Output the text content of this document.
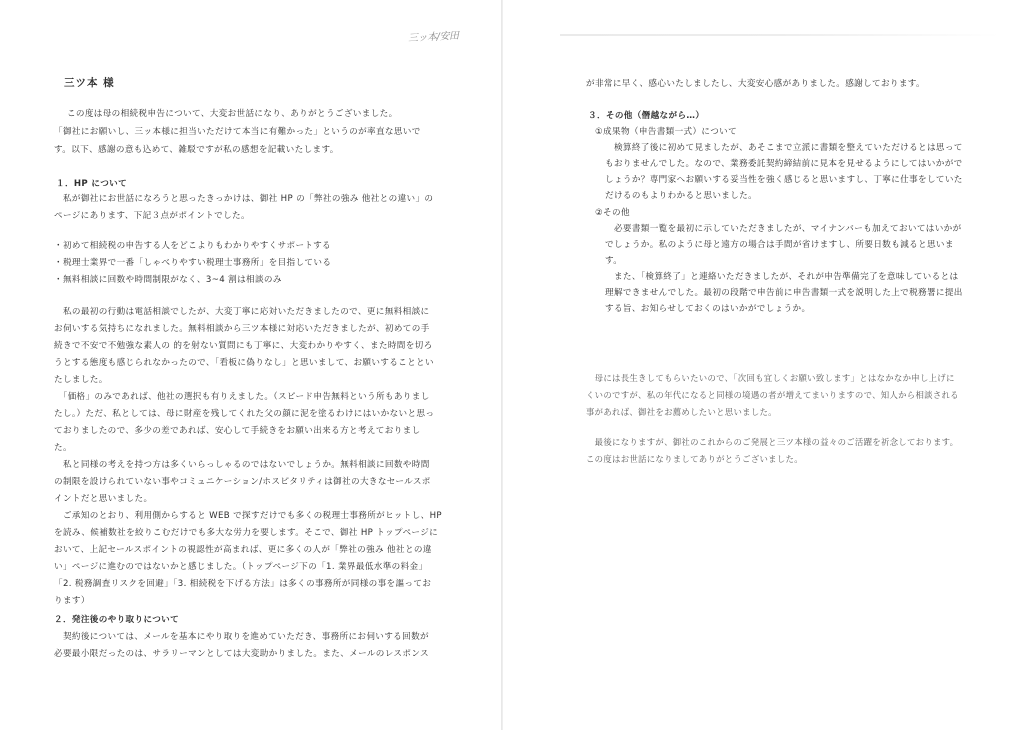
三ッ本/安田
三ツ本 様
　この度は母の相続税申告について、大変お世話になり、ありがとうございました。
「御社にお願いし、三ッ本様に担当いただけて本当に有難かった」というのが率直な思いで
す。以下、感謝の意も込めて、雑駁ですが私の感想を記載いたします。
１．HP について
　私が御社にお世話になろうと思ったきっかけは、御社 HP の「弊社の強み 他社との違い」の
ページにあります、下記３点がポイントでした。
・初めて相続税の申告する人をどこよりもわかりやすくサポートする
・税理士業界で一番「しゃべりやすい税理士事務所」を目指している
・無料相談に回数や時間制限がなく、3~4 割は相談のみ
　私の最初の行動は電話相談でしたが、大変丁寧に応対いただきましたので、更に無料相談に
お伺いする気持ちになれました。無料相談から三ツ本様に対応いただきましたが、初めての手
続きで不安で不勉強な素人の 的を射ない質問にも丁寧に、大変わかりやすく、また時間を切ろ
うとする態度も感じられなかったので、「看板に偽りなし」と思いまして、お願いすることとい
たしました。
　「価格」のみであれば、他社の選択も有りえました。（スピード申告無料という所もありまし
たし。）ただ、私としては、母に財産を残してくれた父の顔に泥を塗るわけにはいかないと思っ
ておりましたので、多少の差であれば、安心して手続きをお願い出来る方と考えておりまし
た。
　私と同様の考えを持つ方は多くいらっしゃるのではないでしょうか。無料相談に回数や時間
の制限を設けられていない事やコミュニケーション/ホスピタリティは御社の大きなセールスポ
イントだと思いました。
　ご承知のとおり、利用側からすると WEB で探すだけでも多くの税理士事務所がヒットし、HP
を読み、候補数社を絞りこむだけでも多大な労力を要します。そこで、御社 HP トップページに
おいて、上記セールスポイントの視認性が高まれば、更に多くの人が「弊社の強み 他社との違
い」ページに進むのではないかと感じました。（トップページ下の「1. 業界最低水準の料金」
「2. 税務調査リスクを回避」「3. 相続税を下げる方法」は多くの事務所が同様の事を謳ってお
ります）
２．発注後のやり取りについて
　契約後については、メールを基本にやり取りを進めていただき、事務所にお伺いする回数が
必要最小限だったのは、サラリーマンとしては大変助かりました。また、メールのレスポンス
が非常に早く、感心いたしましたし、大変安心感がありました。感謝しております。
３．その他（僭越ながら…）
①成果物（申告書類一式）について
　検算終了後に初めて見ましたが、あそこまで立派に書類を整えていただけるとは思って
もおりませんでした。なので、業務委託契約締結前に見本を見せるようにしてはいかがで
しょうか？専門家へお願いする妥当性を強く感じると思いますし、丁寧に仕事をしていた
だけるのもよりわかると思いました。
②その他
　必要書類一覧を最初に示していただきましたが、マイナンバーも加えておいてはいかが
でしょうか。私のように母と遠方の場合は手間が省けますし、所要日数も減ると思いま
す。
　また、「検算終了」と連絡いただきましたが、それが申告準備完了を意味しているとは
理解できませんでした。最初の段階で申告前に申告書類一式を説明した上で税務署に提出
する旨、お知らせしておくのはいかがでしょうか。
　母には長生きしてもらいたいので、「次回も宜しくお願い致します」とはなかなか申し上げに
くいのですが、私の年代になると同様の境遇の者が増えてまいりますので、知人から相談される
事があれば、御社をお薦めしたいと思いました。
　最後になりますが、御社のこれからのご発展と三ツ本様の益々のご活躍を祈念しております。
この度はお世話になりましてありがとうございました。
